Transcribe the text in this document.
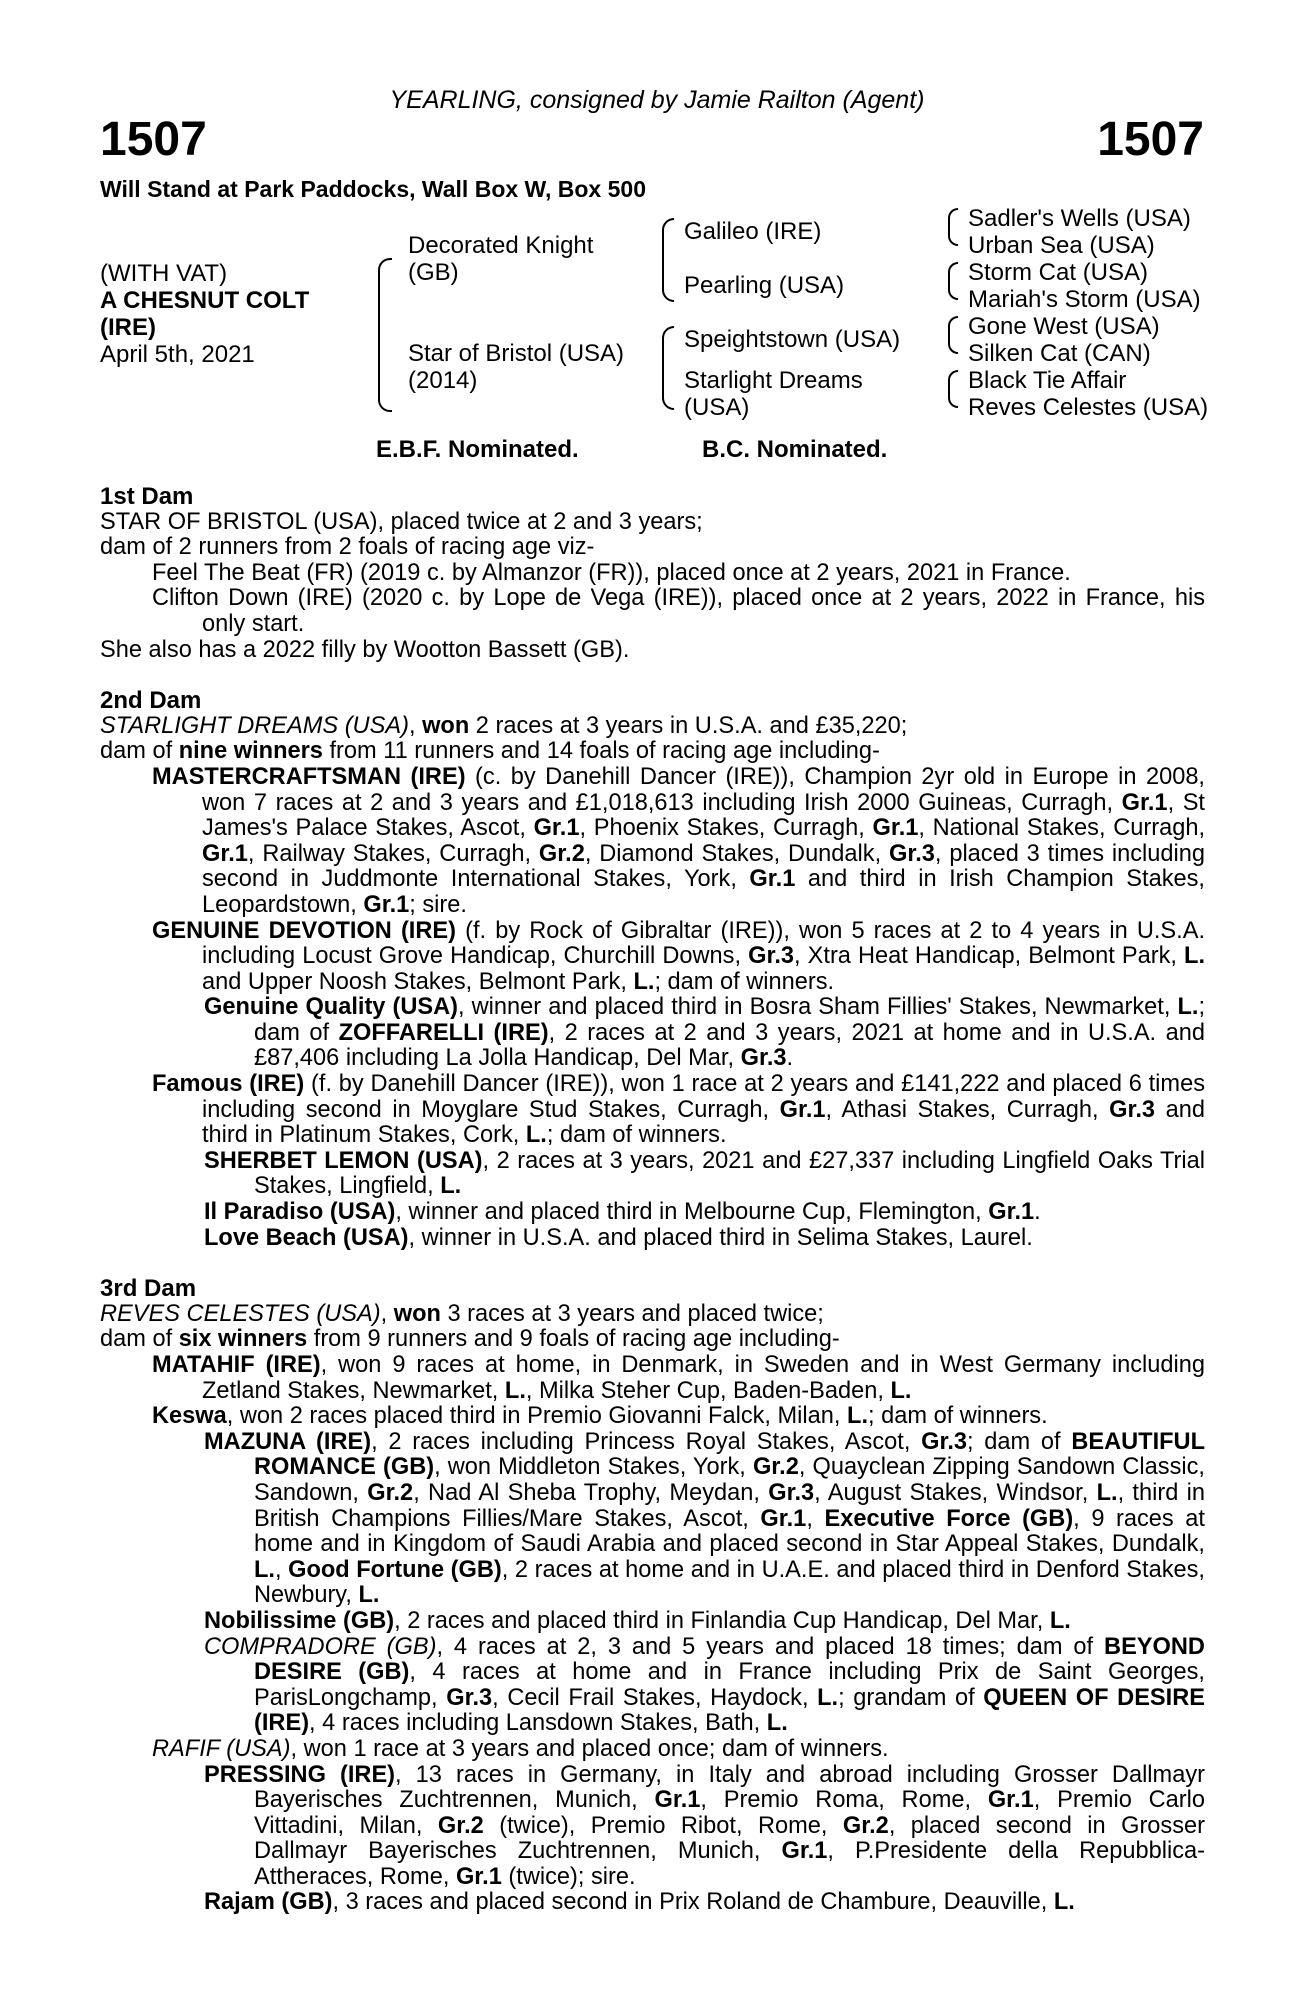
YEARLING, consigned by Jamie Railton (Agent)
1507	1507
Will Stand at Park Paddocks, Wall Box W, Box 500
(WITH VAT)
A CHESNUT COLT
(IRE)
April 5th, 2021
Decorated Knight
(GB)
Star of Bristol (USA)
(2014)
Galileo (IRE)
Pearling (USA)
Speightstown (USA)
Starlight Dreams
(USA)
Sadler's Wells (USA)
Urban Sea (USA)
Storm Cat (USA)
Mariah's Storm (USA)
Gone West (USA)
Silken Cat (CAN)
Black Tie Affair
Reves Celestes (USA)
E.B.F. Nominated.	B.C. Nominated.

1st Dam

STAR OF BRISTOL (USA), placed twice at 2 and 3 years;

dam of 2 runners from 2 foals of racing age viz-

Feel The Beat (FR) (2019 c. by Almanzor (FR)), placed once at 2 years, 2021 in France.

Clifton Down (IRE) (2020 c. by Lope de Vega (IRE)), placed once at 2 years, 2022 in France, his only start.

She also has a 2022 filly by Wootton Bassett (GB).

2nd Dam

STARLIGHT DREAMS (USA), won 2 races at 3 years in U.S.A. and £35,220;

dam of nine winners from 11 runners and 14 foals of racing age including-

MASTERCRAFTSMAN (IRE) (c. by Danehill Dancer (IRE)), Champion 2yr old in Europe in 2008, won 7 races at 2 and 3 years and £1,018,613 including Irish 2000 Guineas, Curragh, Gr.1, St James's Palace Stakes, Ascot, Gr.1, Phoenix Stakes, Curragh, Gr.1, National Stakes, Curragh, Gr.1, Railway Stakes, Curragh, Gr.2, Diamond Stakes, Dundalk, Gr.3, placed 3 times including second in Juddmonte International Stakes, York, Gr.1 and third in Irish Champion Stakes, Leopardstown, Gr.1; sire.

GENUINE DEVOTION (IRE) (f. by Rock of Gibraltar (IRE)), won 5 races at 2 to 4 years in U.S.A. including Locust Grove Handicap, Churchill Downs, Gr.3, Xtra Heat Handicap, Belmont Park, L. and Upper Noosh Stakes, Belmont Park, L.; dam of winners.

Genuine Quality (USA), winner and placed third in Bosra Sham Fillies' Stakes, Newmarket, L.; dam of ZOFFARELLI (IRE), 2 races at 2 and 3 years, 2021 at home and in U.S.A. and £87,406 including La Jolla Handicap, Del Mar, Gr.3.

Famous (IRE) (f. by Danehill Dancer (IRE)), won 1 race at 2 years and £141,222 and placed 6 times including second in Moyglare Stud Stakes, Curragh, Gr.1, Athasi Stakes, Curragh, Gr.3 and third in Platinum Stakes, Cork, L.; dam of winners.

SHERBET LEMON (USA), 2 races at 3 years, 2021 and £27,337 including Lingfield Oaks Trial Stakes, Lingfield, L.

Il Paradiso (USA), winner and placed third in Melbourne Cup, Flemington, Gr.1.

Love Beach (USA), winner in U.S.A. and placed third in Selima Stakes, Laurel.

3rd Dam

REVES CELESTES (USA), won 3 races at 3 years and placed twice;

dam of six winners from 9 runners and 9 foals of racing age including-

MATAHIF (IRE), won 9 races at home, in Denmark, in Sweden and in West Germany including Zetland Stakes, Newmarket, L., Milka Steher Cup, Baden-Baden, L.

Keswa, won 2 races placed third in Premio Giovanni Falck, Milan, L.; dam of winners.

MAZUNA (IRE), 2 races including Princess Royal Stakes, Ascot, Gr.3; dam of BEAUTIFUL ROMANCE (GB), won Middleton Stakes, York, Gr.2, Quayclean Zipping Sandown Classic, Sandown, Gr.2, Nad Al Sheba Trophy, Meydan, Gr.3, August Stakes, Windsor, L., third in British Champions Fillies/Mare Stakes, Ascot, Gr.1, Executive Force (GB), 9 races at home and in Kingdom of Saudi Arabia and placed second in Star Appeal Stakes, Dundalk, L., Good Fortune (GB), 2 races at home and in U.A.E. and placed third in Denford Stakes, Newbury, L.

Nobilissime (GB), 2 races and placed third in Finlandia Cup Handicap, Del Mar, L.

COMPRADORE (GB), 4 races at 2, 3 and 5 years and placed 18 times; dam of BEYOND DESIRE (GB), 4 races at home and in France including Prix de Saint Georges, ParisLongchamp, Gr.3, Cecil Frail Stakes, Haydock, L.; grandam of QUEEN OF DESIRE (IRE), 4 races including Lansdown Stakes, Bath, L.

RAFIF (USA), won 1 race at 3 years and placed once; dam of winners.

PRESSING (IRE), 13 races in Germany, in Italy and abroad including Grosser Dallmayr Bayerisches Zuchtrennen, Munich, Gr.1, Premio Roma, Rome, Gr.1, Premio Carlo Vittadini, Milan, Gr.2 (twice), Premio Ribot, Rome, Gr.2, placed second in Grosser Dallmayr Bayerisches Zuchtrennen, Munich, Gr.1, P.Presidente della Repubblica-Attheraces, Rome, Gr.1 (twice); sire.

Rajam (GB), 3 races and placed second in Prix Roland de Chambure, Deauville, L.
